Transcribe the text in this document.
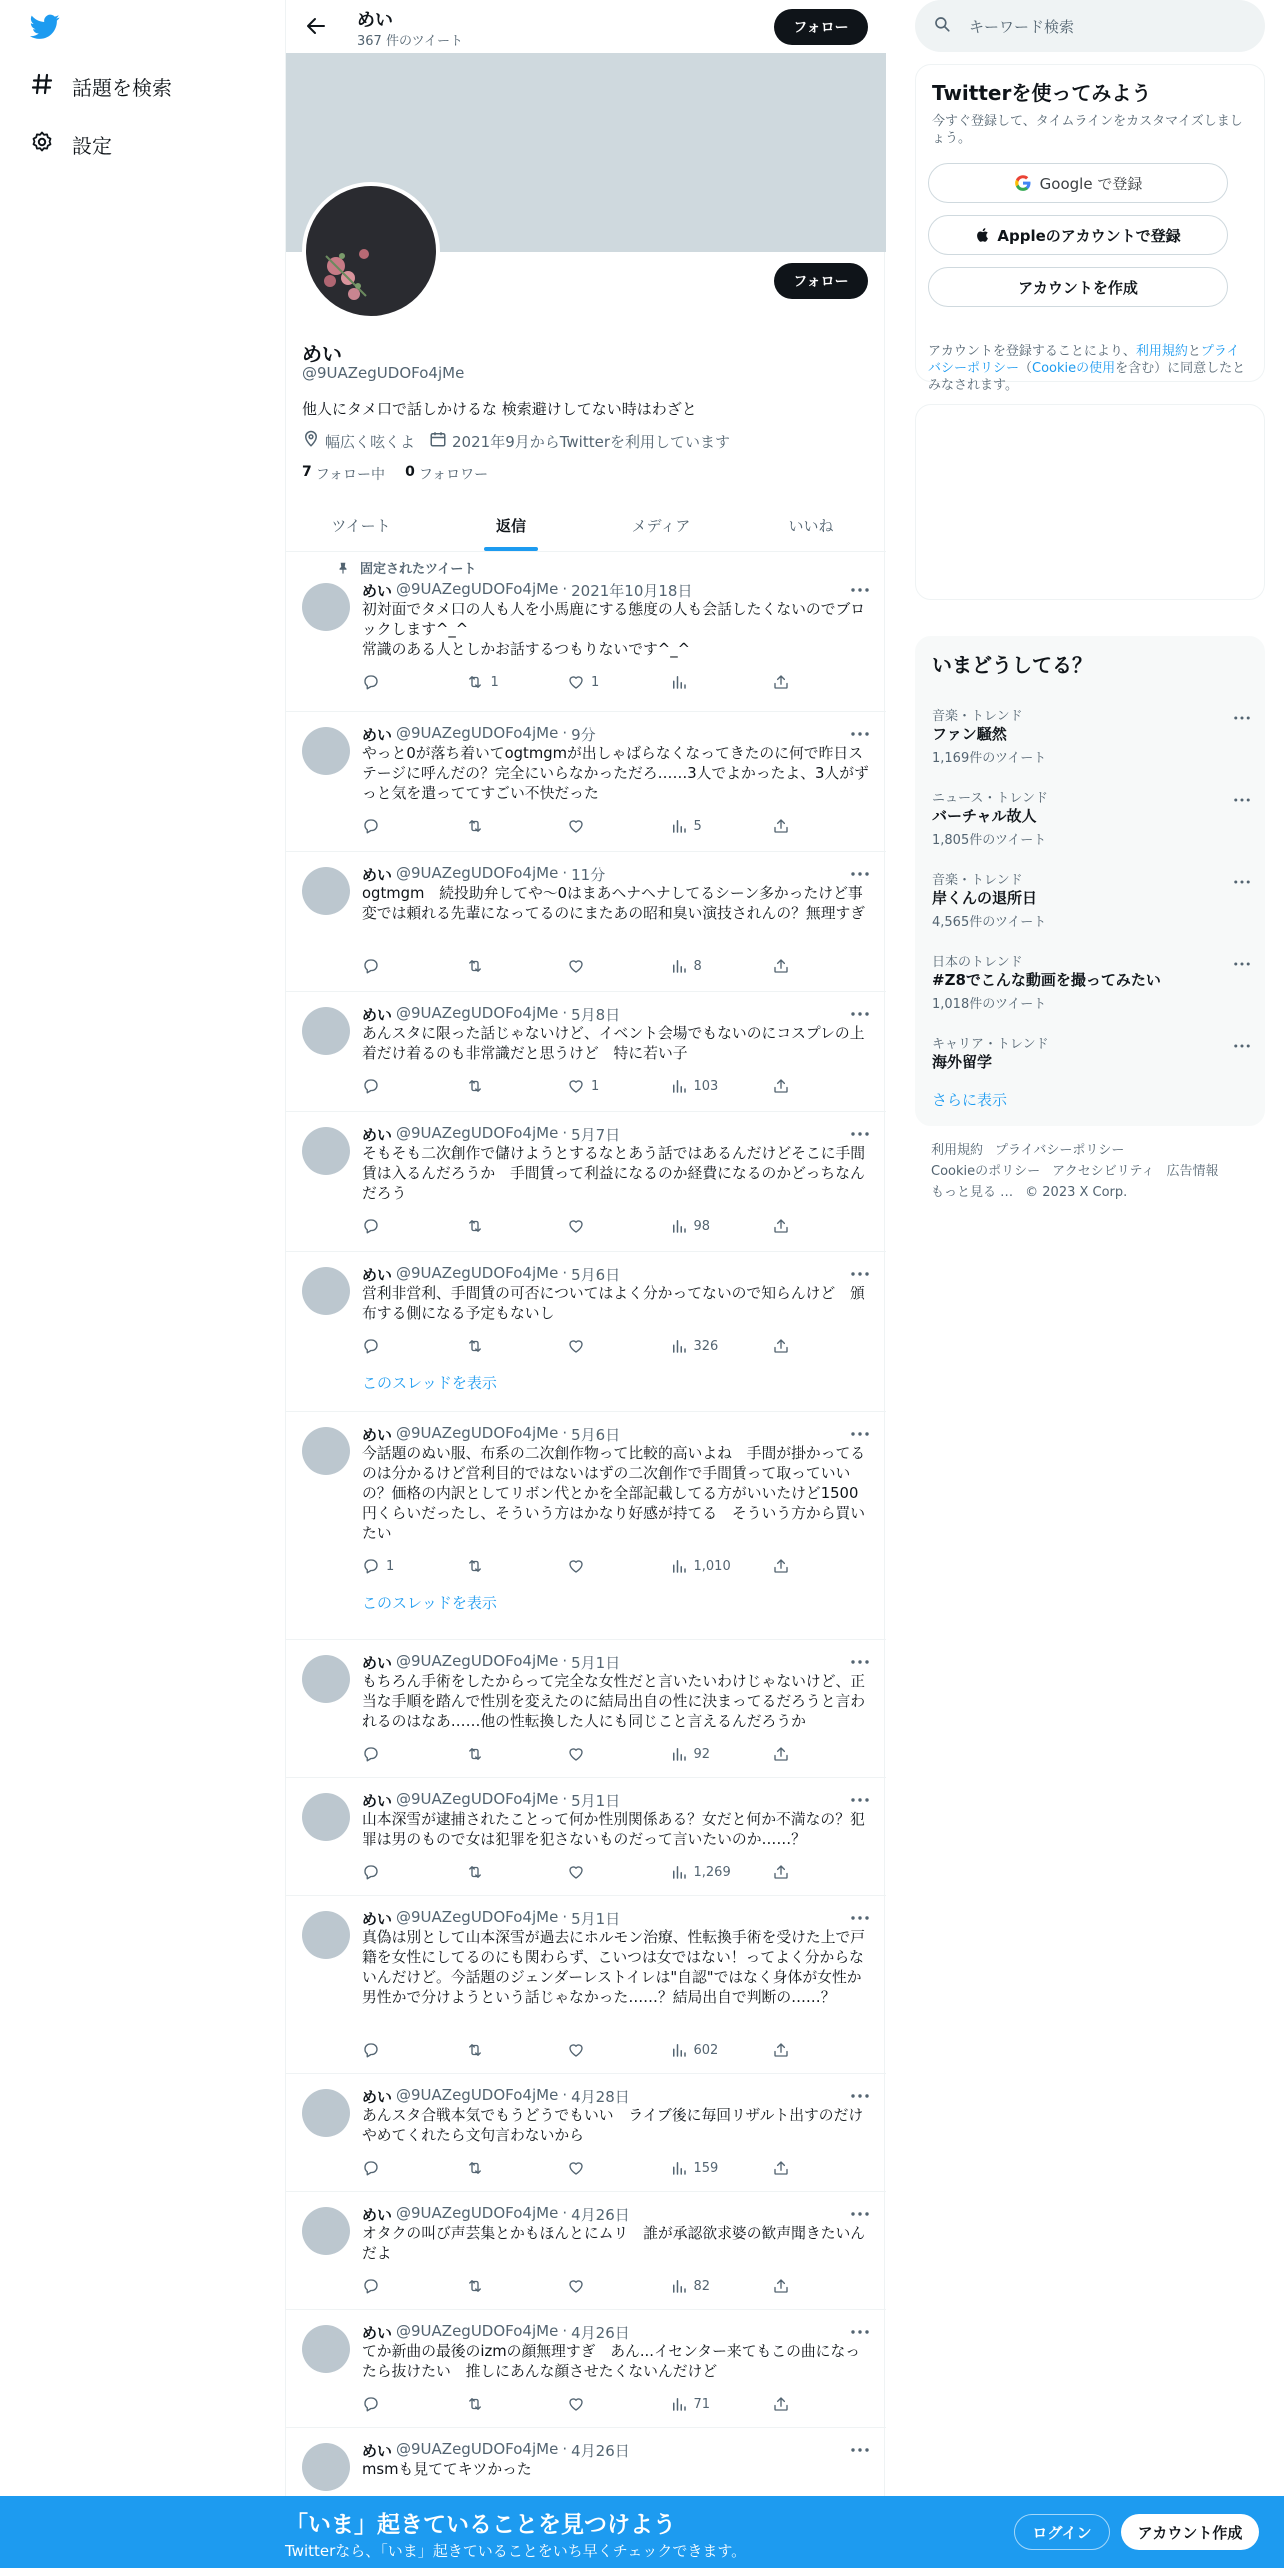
話題を検索
設定
めい
367 件のツイート
フォロー
フォロー
めい
@9UAZegUDOFo4jMe
他人にタメ口で話しかけるな 検索避けしてない時はわざと
幅広く呟くよ 2021年9月からTwitterを利用しています
7 フォロー中 0 フォロワー
ツイート	返信	メディア	いいね
固定されたツイート
めい @9UAZegUDOFo4jMe · 2021年10月18日
初対面でタメ口の人も人を小馬鹿にする態度の人も会話したくないのでブロックします^_^
常識のある人としかお話するつもりないです^_^
1	1
めい @9UAZegUDOFo4jMe · 9分
やっと0が落ち着いてogtmgmが出しゃばらなくなってきたのに何で昨日ステージに呼んだの？完全にいらなかっただろ……3人でよかったよ、3人がずっと気を遣っててすごい不快だった
5
めい @9UAZegUDOFo4jMe · 11分
ogtmgm　続投助弁してや〜0はまあヘナヘナしてるシーン多かったけど事変では頼れる先輩になってるのにまたあの昭和臭い演技されんの？無理すぎ
8
めい @9UAZegUDOFo4jMe · 5月8日
あんスタに限った話じゃないけど、イベント会場でもないのにコスプレの上着だけ着るのも非常識だと思うけど　特に若い子
1	103
めい @9UAZegUDOFo4jMe · 5月7日
そもそも二次創作で儲けようとするなとあう話ではあるんだけどそこに手間賃は入るんだろうか　手間賃って利益になるのか経費になるのかどっちなんだろう
98
めい @9UAZegUDOFo4jMe · 5月6日
営利非営利、手間賃の可否についてはよく分かってないので知らんけど　頒布する側になる予定もないし
326
このスレッドを表示
めい @9UAZegUDOFo4jMe · 5月6日
今話題のぬい服、布系の二次創作物って比較的高いよね　手間が掛かってるのは分かるけど営利目的ではないはずの二次創作で手間賃って取っていいの？価格の内訳としてリボン代とかを全部記載してる方がいいたけど1500円くらいだったし、そういう方はかなり好感が持てる　そういう方から買いたい
1	1,010
このスレッドを表示
めい @9UAZegUDOFo4jMe · 5月1日
もちろん手術をしたからって完全な女性だと言いたいわけじゃないけど、正当な手順を踏んで性別を変えたのに結局出自の性に決まってるだろうと言われるのはなあ……他の性転換した人にも同じこと言えるんだろうか
92
めい @9UAZegUDOFo4jMe · 5月1日
山本深雪が逮捕されたことって何か性別関係ある？女だと何か不満なの？犯罪は男のもので女は犯罪を犯さないものだって言いたいのか……？
1,269
めい @9UAZegUDOFo4jMe · 5月1日
真偽は別として山本深雪が過去にホルモン治療、性転換手術を受けた上で戸籍を女性にしてるのにも関わらず、こいつは女ではない！ってよく分からないんだけど。今話題のジェンダーレストイレは"自認"ではなく身体が女性か男性かで分けようという話じゃなかった……？結局出自で判断の……？
602
めい @9UAZegUDOFo4jMe · 4月28日
あんスタ合戦本気でもうどうでもいい　ライブ後に毎回リザルト出すのだけやめてくれたら文句言わないから
159
めい @9UAZegUDOFo4jMe · 4月26日
オタクの叫び声芸集とかもほんとにムリ　誰が承認欲求婆の歓声聞きたいんだよ
82
めい @9UAZegUDOFo4jMe · 4月26日
てか新曲の最後のizmの顔無理すぎ　あん...イセンター来てもこの曲になったら抜けたい　推しにあんな顔させたくないんだけど
71
めい @9UAZegUDOFo4jMe · 4月26日
msmも見ててキツかった
キーワード検索
Twitterを使ってみよう
今すぐ登録して、タイムラインをカスタマイズしましょう。
Google で登録
Appleのアカウントで登録
アカウントを作成
アカウントを登録することにより、利用規約とプライバシーポリシー（Cookieの使用を含む）に同意したとみなされます。
いまどうしてる？
音楽・トレンド
ファン騒然
1,169件のツイート
ニュース・トレンド
バーチャル故人
1,805件のツイート
音楽・トレンド
岸くんの退所日
4,565件のツイート
日本のトレンド
#Z8でこんな動画を撮ってみたい
1,018件のツイート
キャリア・トレンド
海外留学
さらに表示
利用規約 プライバシーポリシー
Cookieのポリシー アクセシビリティ 広告情報
もっと見る … © 2023 X Corp.
「いま」起きていることを見つけよう
Twitterなら、「いま」起きていることをいち早くチェックできます。
ログイン	アカウント作成
